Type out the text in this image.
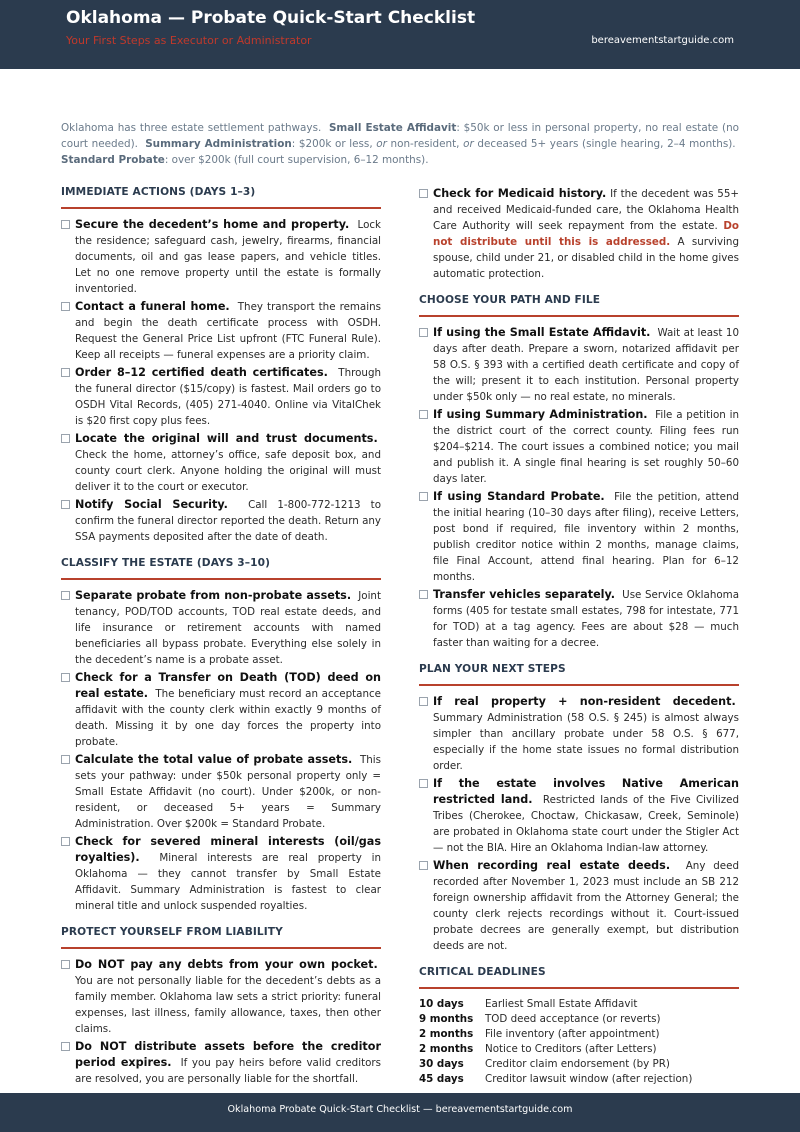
Oklahoma — Probate Quick-Start Checklist
Your First Steps as Executor or Administrator	bereavementstartguide.com
Oklahoma has three estate settlement pathways. Small Estate Affidavit: $50k or less in personal property, no real estate (no court needed). Summary Administration: $200k or less, or non-resident, or deceased 5+ years (single hearing, 2–4 months).  Standard Probate: over $200k (full court supervision, 6–12 months).
IMMEDIATE ACTIONS (DAYS 1–3)
Secure the decedent’s home and property. Lock the residence; safeguard cash, jewelry, firearms, financial documents, oil and gas lease papers, and vehicle titles. Let no one remove property until the estate is formally inventoried.
Contact a funeral home. They transport the remains and begin the death certificate process with OSDH. Request the General Price List upfront (FTC Funeral Rule). Keep all receipts — funeral expenses are a priority claim.
Order 8–12 certified death certificates. Through the funeral director ($15/copy) is fastest. Mail orders go to OSDH Vital Records, (405) 271-4040. Online via VitalChek is $20 first copy plus fees.
Locate the original will and trust documents.  Check the home, attorney’s office, safe deposit box, and county court clerk. Anyone holding the original will must deliver it to the court or executor.
Notify Social Security. Call 1-800-772-1213 to confirm the funeral director reported the death. Return any SSA payments deposited after the date of death.
CLASSIFY THE ESTATE (DAYS 3–10)
Separate probate from non-probate assets. Joint tenancy, POD/TOD accounts, TOD real estate deeds, and life insurance or retirement accounts with named beneficiaries all bypass probate. Everything else solely in the decedent’s name is a probate asset.
Check for a Transfer on Death (TOD) deed on real estate. The beneficiary must record an acceptance affidavit with the county clerk within exactly 9 months of death. Missing it by one day forces the property into probate.
Calculate the total value of probate assets. This sets your pathway: under $50k personal property only = Small Estate Affidavit (no court). Under $200k, or non-resident, or deceased 5+ years = Summary Administration. Over $200k = Standard Probate.
Check for severed mineral interests (oil/gas royalties). Mineral interests are real property in Oklahoma — they cannot transfer by Small Estate Affidavit. Summary Administration is fastest to clear mineral title and unlock suspended royalties.
PROTECT YOURSELF FROM LIABILITY
Do NOT pay any debts from your own pocket.  You are not personally liable for the decedent’s debts as a family member. Oklahoma law sets a strict priority: funeral expenses, last illness, family allowance, taxes, then other claims.
Do NOT distribute assets before the creditor period expires. If you pay heirs before valid creditors are resolved, you are personally liable for the shortfall.
Check for Medicaid history. If the decedent was 55+ and received Medicaid-funded care, the Oklahoma Health Care Authority will seek repayment from the estate. Do not distribute until this is addressed. A surviving spouse, child under 21, or disabled child in the home gives automatic protection.
CHOOSE YOUR PATH AND FILE
If using the Small Estate Affidavit. Wait at least 10 days after death. Prepare a sworn, notarized affidavit per 58 O.S. § 393 with a certified death certificate and copy of the will; present it to each institution. Personal property under $50k only — no real estate, no minerals.
If using Summary Administration. File a petition in the district court of the correct county. Filing fees run $204–$214. The court issues a combined notice; you mail and publish it. A single final hearing is set roughly 50–60 days later.
If using Standard Probate. File the petition, attend the initial hearing (10–30 days after filing), receive Letters, post bond if required, file inventory within 2 months, publish creditor notice within 2 months, manage claims, file Final Account, attend final hearing. Plan for 6–12 months.
Transfer vehicles separately. Use Service Oklahoma forms (405 for testate small estates, 798 for intestate, 771 for TOD) at a tag agency. Fees are about $28 — much faster than waiting for a decree.
PLAN YOUR NEXT STEPS
If real property + non-resident decedent.  Summary Administration (58 O.S. § 245) is almost always simpler than ancillary probate under 58 O.S. § 677, especially if the home state issues no formal distribution order.
If the estate involves Native American restricted land. Restricted lands of the Five Civilized Tribes (Cherokee, Choctaw, Chickasaw, Creek, Seminole) are probated in Oklahoma state court under the Stigler Act — not the BIA. Hire an Oklahoma Indian-law attorney.
When recording real estate deeds. Any deed recorded after November 1, 2023 must include an SB 212 foreign ownership affidavit from the Attorney General; the county clerk rejects recordings without it. Court-issued probate decrees are generally exempt, but distribution deeds are not.
CRITICAL DEADLINES
10 days	Earliest Small Estate Affidavit
9 months	TOD deed acceptance (or reverts)
2 months	File inventory (after appointment)
2 months	Notice to Creditors (after Letters)
30 days	Creditor claim endorsement (by PR)
45 days	Creditor lawsuit window (after rejection)
Oklahoma Probate Quick-Start Checklist — bereavementstartguide.com
